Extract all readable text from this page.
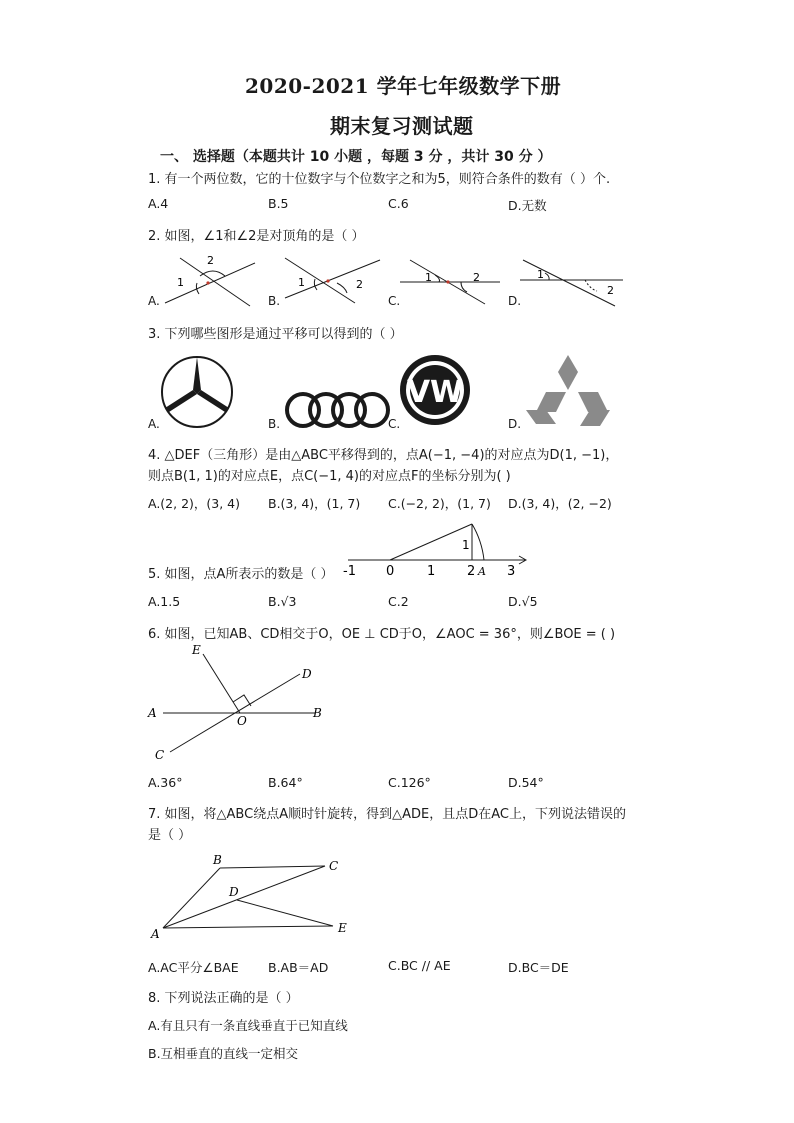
2020-2021 学年七年级数学下册
期末复习测试题
一、 选择题（本题共计 10 小题 ，每题 3 分 ，共计 30 分 ）
1. 有一个两位数，它的十位数字与个位数字之和为5，则符合条件的数有（ ）个.
A.4	B.5	C.6	D.无数
2. 如图，∠1和∠2是对顶角的是（ ）
1
2
1	2
1	2	1
2
A.	B.	C.	D.
3. 下列哪些图形是通过平移可以得到的（ ）
VW
A.	B.	C.	D.
4. △DEF（三角形）是由△ABC平移得到的，点A(−1, −4)的对应点为D(1, −1)，
则点B(1, 1)的对应点E，点C(−1, 4)的对应点F的坐标分别为( )
A.(2, 2)，(3, 4) B.(3, 4)，(1, 7) C.(−2, 2)，(1, 7) D.(3, 4)，(2, −2)
5. 如图，点A所表示的数是（ ）
1
-1 0	1 2 A 3
A.1.5	B.√3	C.2	D.√5
6. 如图，已知AB、CD相交于O，OE ⊥ CD于O，∠AOC = 36°，则∠BOE = ( )
E
D
A
O
B
C
A.36°	B.64°	C.126°	D.54°
7. 如图，将△ABC绕点A顺时针旋转，得到△ADE，且点D在AC上，下列说法错误的
是（ ）
B	C
D
A	E
A.AC平分∠BAE B.AB＝AD	C.BC // AE	D.BC＝DE
8. 下列说法正确的是（ ）
A.有且只有一条直线垂直于已知直线
B.互相垂直的直线一定相交
